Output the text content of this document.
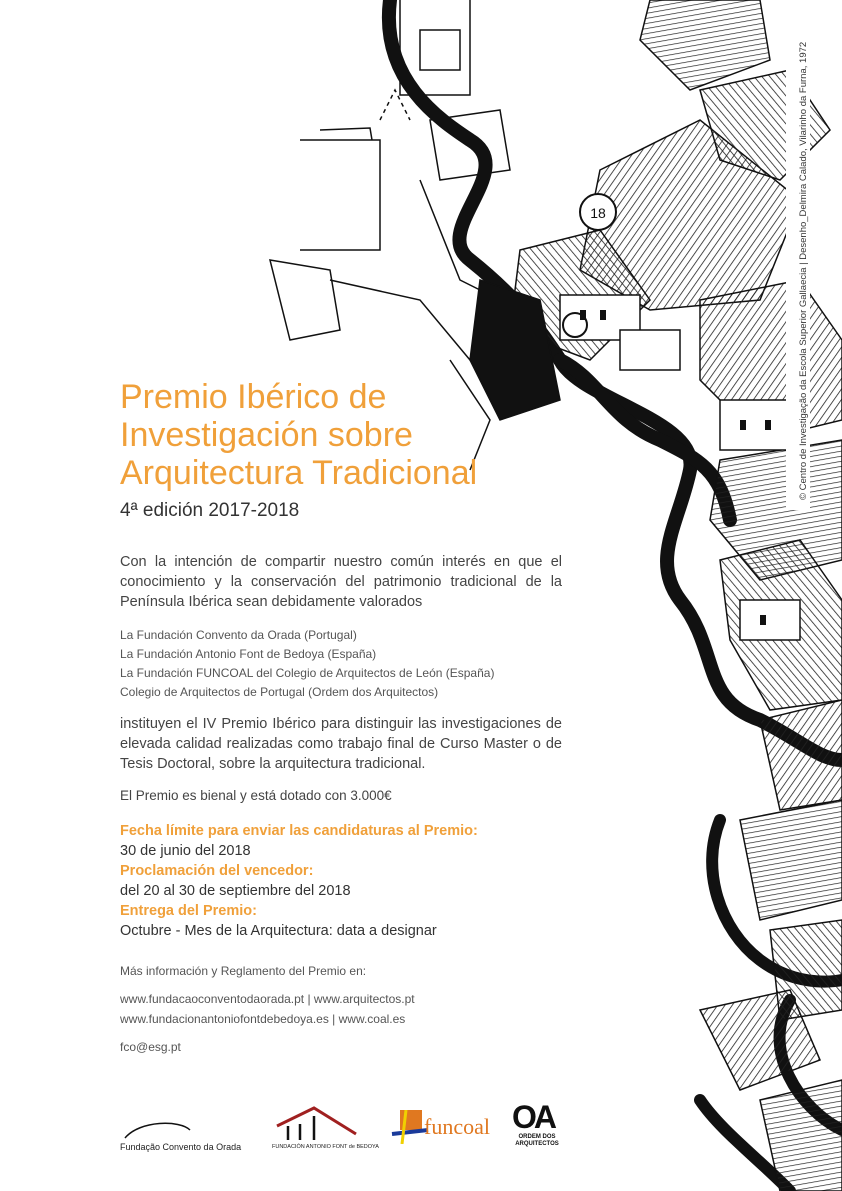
18	© Centro de Investigação da Escola Superior Gallaecia | Desenho_Delmira Calado, Vilarinho da Furna, 1972
Premio Ibérico de
Investigación sobre
Arquitectura Tradicional
4ª edición 2017-2018
Con la intención de compartir nuestro común interés en que el conocimiento y la conservación del patrimonio tradicional de la Península Ibérica sean debidamente valorados
La Fundación Convento da Orada (Portugal)
La Fundación Antonio Font de Bedoya (España)
La Fundación FUNCOAL del Colegio de Arquitectos de León (España)
Colegio de Arquitectos de Portugal (Ordem dos Arquitectos)
instituyen el IV Premio Ibérico para distinguir las investigaciones de elevada calidad realizadas como trabajo final de Curso Master o de Tesis Doctoral, sobre la arquitectura tradicional.
El Premio es bienal y está dotado con 3.000€
Fecha límite para enviar las candidaturas al Premio:
30 de junio del 2018
Proclamación del vencedor:
del 20 al 30 de septiembre del 2018
Entrega del Premio:
Octubre - Mes de la Arquitectura: data a designar
Más información y Reglamento del Premio en:
www.fundacaoconventodaorada.pt | www.arquitectos.pt
www.fundacionantoniofontdebedoya.es | www.coal.es
fco@esg.pt
Fundação Convento da Orada	FUNDACIÓN ANTONIO FONT de BEDOYA
funcoal OA
ORDEM DOS ARQUITECTOS
